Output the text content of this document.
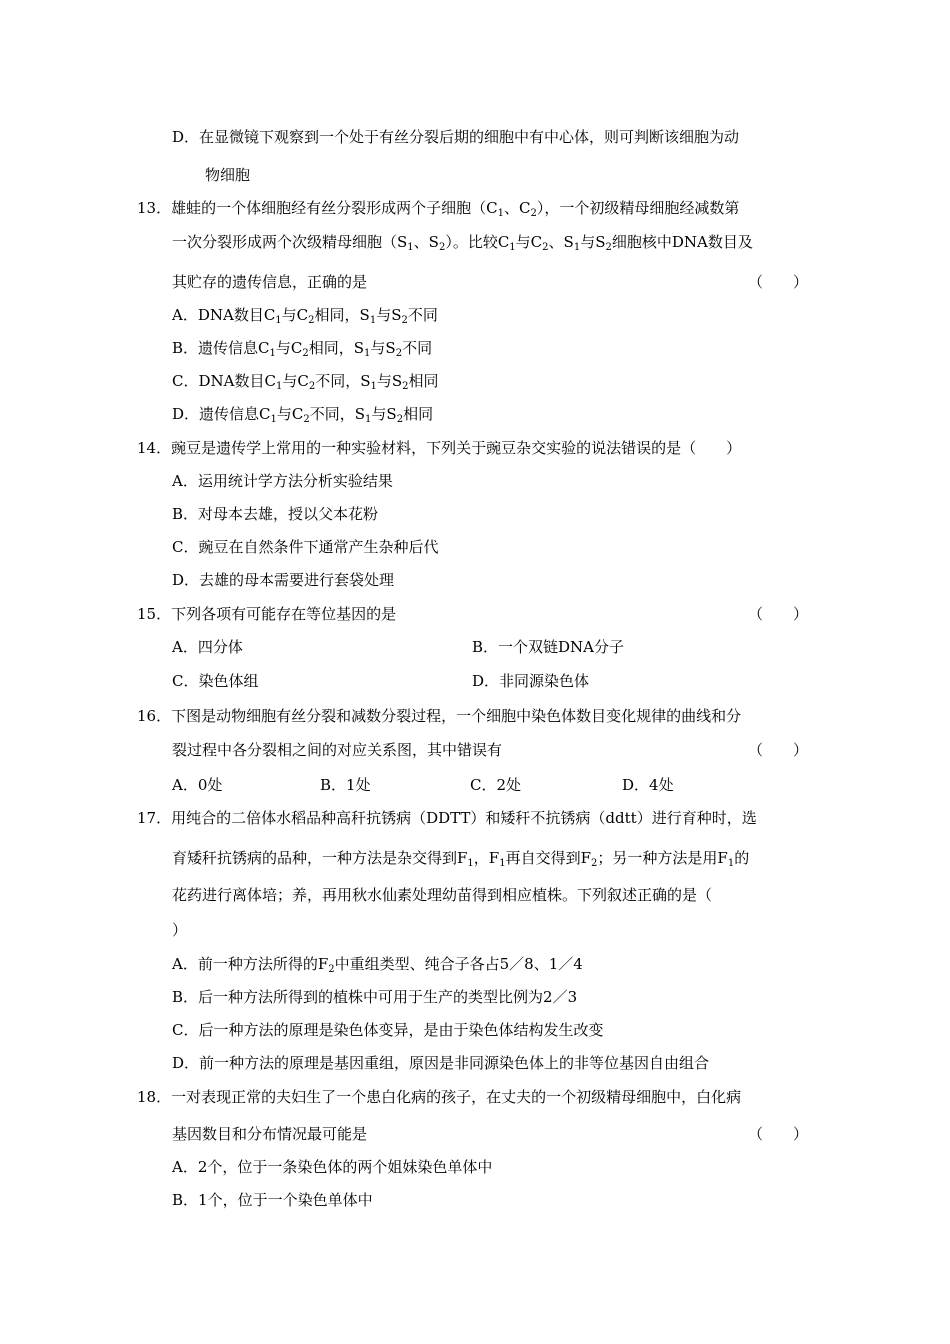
D．在显微镜下观察到一个处于有丝分裂后期的细胞中有中心体，则可判断该细胞为动
物细胞
13．雄蛙的一个体细胞经有丝分裂形成两个子细胞（$C_1$、$C_2$），一个初级精母细胞经减数第
一次分裂形成两个次级精母细胞（$S_1$、$S_2$）。比较$C_1$与$C_2$、$S_1$与$S_2$细胞核中DNA数目及
其贮存的遗传信息，正确的是	（　　）
A．DNA数目$C_1$与$C_2$相同，$S_1$与$S_2$不同
B．遗传信息$C_1$与$C_2$相同，$S_1$与$S_2$不同
C．DNA数目$C_1$与$C_2$不同，$S_1$与$S_2$相同
D．遗传信息$C_1$与$C_2$不同，$S_1$与$S_2$相同
14．豌豆是遗传学上常用的一种实验材料，下列关于豌豆杂交实验的说法错误的是（　　）
A．运用统计学方法分析实验结果
B．对母本去雄，授以父本花粉
C．豌豆在自然条件下通常产生杂种后代
D．去雄的母本需要进行套袋处理
15．下列各项有可能存在等位基因的是	（　　）
A．四分体	B．一个双链DNA分子
C．染色体组	D．非同源染色体
16．下图是动物细胞有丝分裂和减数分裂过程，一个细胞中染色体数目变化规律的曲线和分
裂过程中各分裂相之间的对应关系图，其中错误有	（　　）
A．0处	B．1处	C．2处	D．4处
17．用纯合的二倍体水稻品种高秆抗锈病（DDTT）和矮秆不抗锈病（ddtt）进行育种时，选
育矮秆抗锈病的品种，一种方法是杂交得到$F_1$，$F_1$再自交得到$F_2$；另一种方法是用$F_1$的
花药进行离体培；养，再用秋水仙素处理幼苗得到相应植株。下列叙述正确的是（
）
A．前一种方法所得的$F_2$中重组类型、纯合子各占5／8、1／4
B．后一种方法所得到的植株中可用于生产的类型比例为2／3
C．后一种方法的原理是染色体变异，是由于染色体结构发生改变
D．前一种方法的原理是基因重组，原因是非同源染色体上的非等位基因自由组合
18．一对表现正常的夫妇生了一个患白化病的孩子，在丈夫的一个初级精母细胞中，白化病
基因数目和分布情况最可能是	（　　）
A．2个，位于一条染色体的两个姐妹染色单体中
B．1个，位于一个染色单体中
